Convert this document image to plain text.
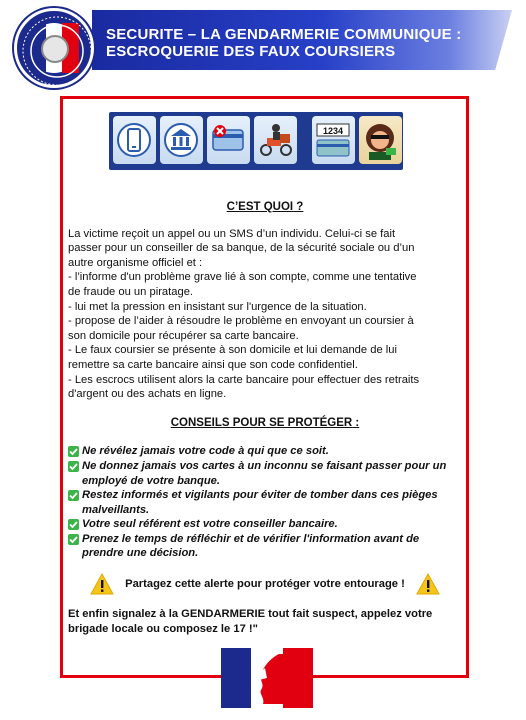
SECURITE – LA GENDARMERIE COMMUNIQUE :
ESCROQUERIE DES FAUX COURSIERS
1234
C’EST QUOI ?
La victime reçoit un appel ou un SMS d’un individu. Celui-ci se fait
passer pour un conseiller de sa banque, de la sécurité sociale ou d’un
autre organisme officiel et :
- l’informe d'un problème grave lié à son compte, comme une tentative
de fraude ou un piratage.
- lui met la pression en insistant sur l'urgence de la situation.
- propose de l’aider à résoudre le problème en envoyant un coursier à
son domicile pour récupérer sa carte bancaire.
- Le faux coursier se présente à son domicile et lui demande de lui
remettre sa carte bancaire ainsi que son code confidentiel.
- Les escrocs utilisent alors la carte bancaire pour effectuer des retraits
d'argent ou des achats en ligne.
CONSEILS POUR SE PROTÉGER :
Ne révélez jamais votre code à qui que ce soit.
Ne donnez jamais vos cartes à un inconnu se faisant passer pour un
employé de votre banque.
Restez informés et vigilants pour éviter de tomber dans ces pièges
malveillants.
Votre seul référent est votre conseiller bancaire.
Prenez le temps de réfléchir et de vérifier l'information avant de
prendre une décision.
Partagez cette alerte pour protéger votre entourage !
Et enfin signalez à la GENDARMERIE tout fait suspect, appelez votre
brigade locale ou composez le 17 !"
